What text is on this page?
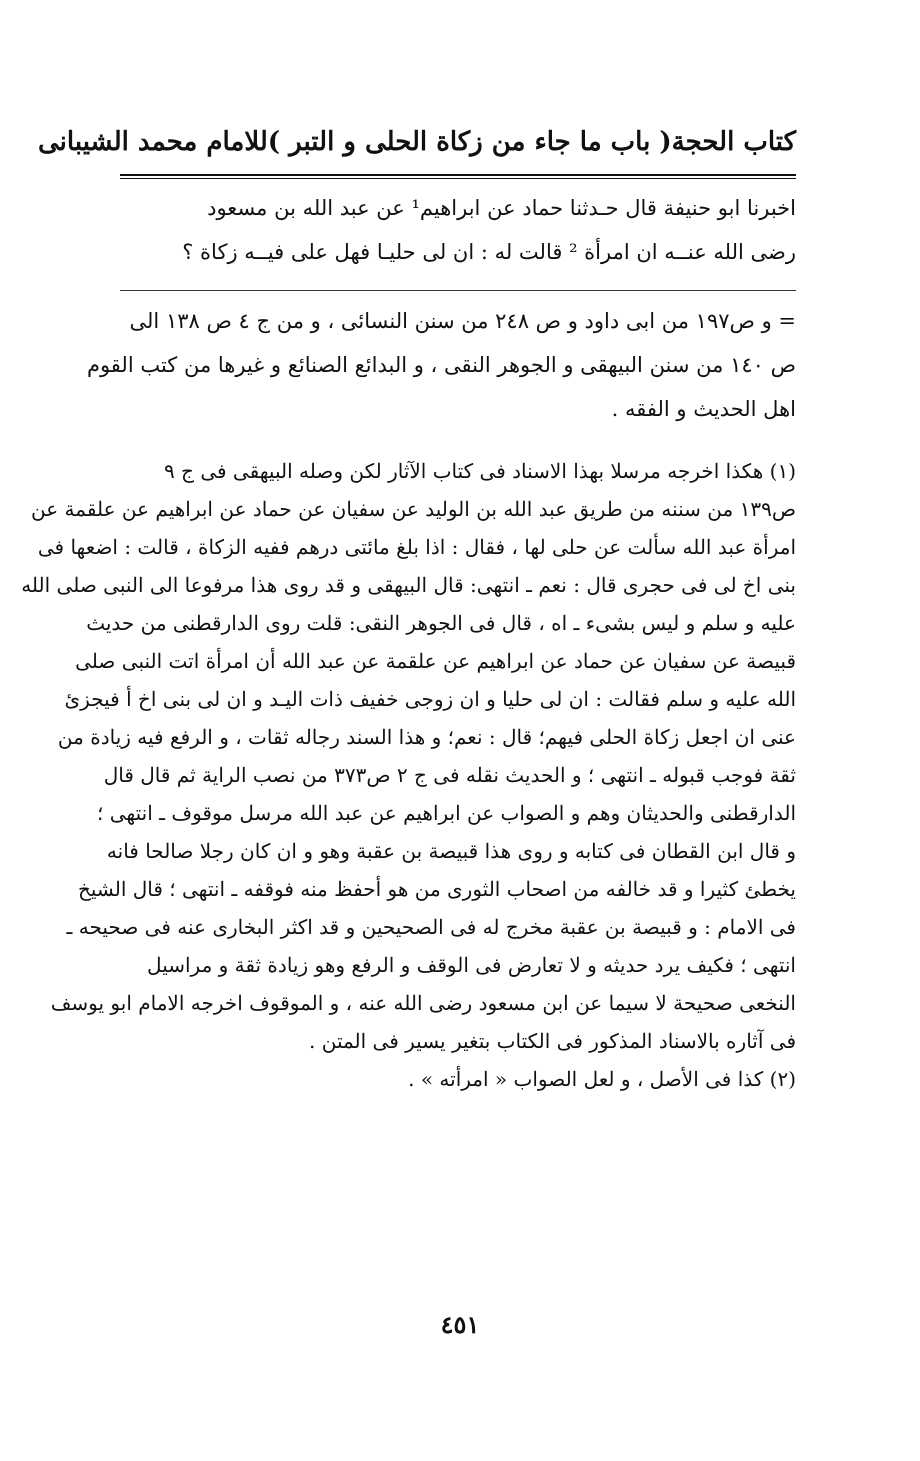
كتاب الحجة
( باب ما جاء من زكاة الحلى و التبر )
للامام محمد الشيبانى
اخبرنا ابو حنيفة قال حـدثنا حماد عن ابراهيم¹ عن عبد الله بن مسعود
رضى الله عنــه ان امرأة ² قالت له : ان لى حليـا فهل على فيــه زكاة ؟
= و ص١٩٧ من ابى داود و ص ٢٤٨ من سنن النسائى ، و من ج ٤ ص ١٣٨ الى
ص ١٤٠ من سنن البيهقى و الجوهر النقى ، و البدائع الصنائع و غيرها من كتب القوم
اهل الحديث و الفقه .
(١) هكذا اخرجه مرسلا بهذا الاسناد فى كتاب الآثار لكن وصله البيهقى فى ج ٩
ص١٣٩ من سننه من طريق عبد الله بن الوليد عن سفيان عن حماد عن ابراهيم عن علقمة عن
امرأة عبد الله سألت عن حلى لها ، فقال : اذا بلغ مائتى درهم ففيه الزكاة ، قالت : اضعها فى
بنى اخ لى فى حجرى قال : نعم ـ انتهى: قال البيهقى و قد روى هذا مرفوعا الى النبى صلى الله
عليه و سلم و ليس بشىء ـ اه ، قال فى الجوهر النقى: قلت روى الدارقطنى من حديث
قبيصة عن سفيان عن حماد عن ابراهيم عن علقمة عن عبد الله أن امرأة اتت النبى صلى
الله عليه و سلم فقالت : ان لى حليا و ان زوجى خفيف ذات اليـد و ان لى بنى اخ أ فيجزئ
عنى ان اجعل زكاة الحلى فيهم؛ قال : نعم؛ و هذا السند رجاله ثقات ، و الرفع فيه زيادة من
ثقة فوجب قبوله ـ انتهى ؛ و الحديث نقله فى ج ٢ ص٣٧٣ من نصب الراية ثم قال قال
الدارقطنى والحديثان وهم و الصواب عن ابراهيم عن عبد الله مرسل موقوف ـ انتهى ؛
و قال ابن القطان فى كتابه و روى هذا قبيصة بن عقبة وهو و ان كان رجلا صالحا فانه
يخطئ كثيرا و قد خالفه من اصحاب الثورى من هو أحفظ منه فوقفه ـ انتهى ؛ قال الشيخ
فى الامام : و قبيصة بن عقبة مخرج له فى الصحيحين و قد اكثر البخارى عنه فى صحيحه ـ
انتهى ؛ فكيف يرد حديثه و لا تعارض فى الوقف و الرفع وهو زيادة ثقة و مراسيل
النخعى صحيحة لا سيما عن ابن مسعود رضى الله عنه ، و الموقوف اخرجه الامام ابو يوسف
فى آثاره بالاسناد المذكور فى الكتاب بتغير يسير فى المتن .
(٢) كذا فى الأصل ، و لعل الصواب « امرأته » .
٤٥١
